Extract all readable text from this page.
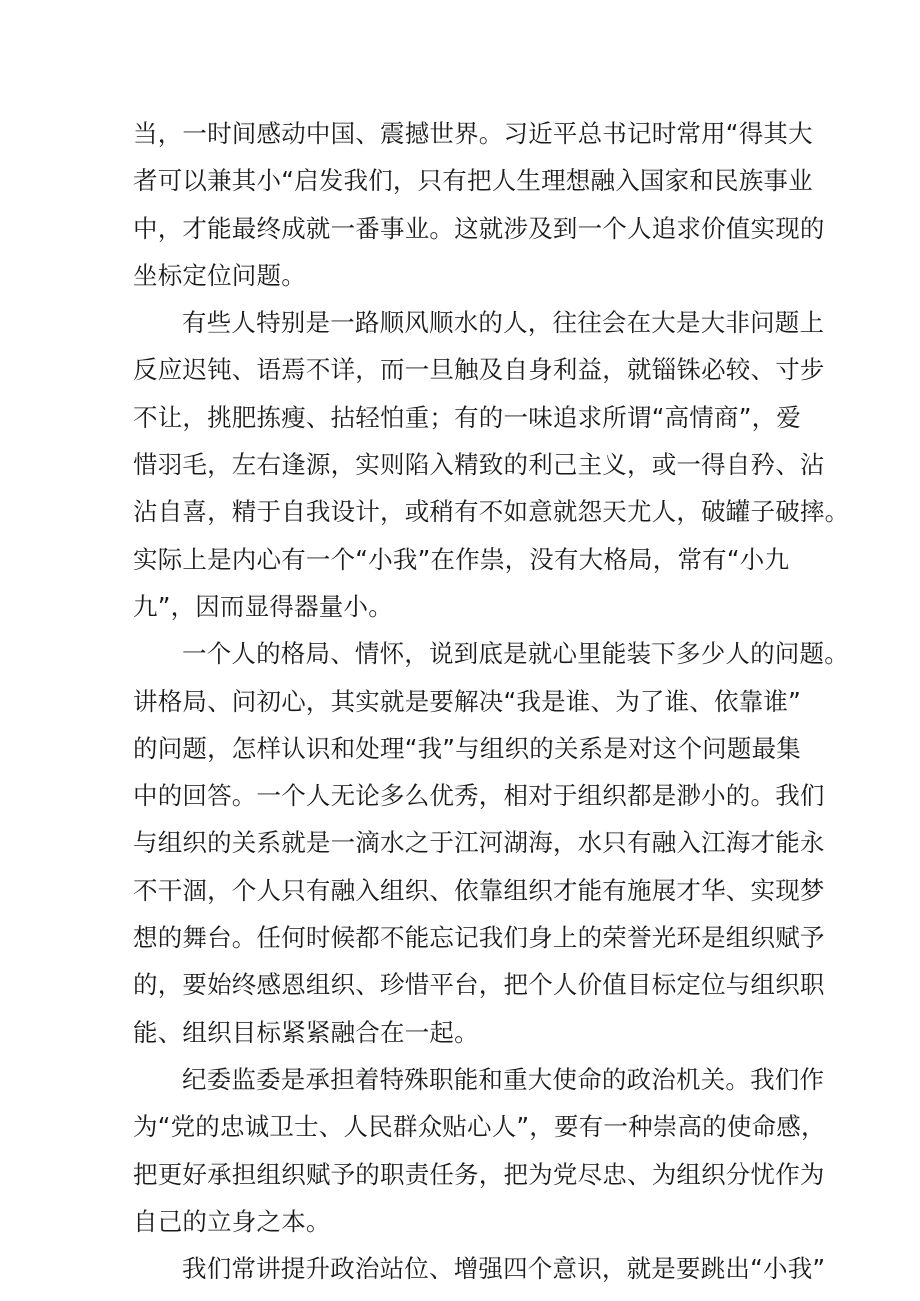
当，一时间感动中国、震撼世界。习近平总书记时常用“得其大
者可以兼其小“启发我们，只有把人生理想融入国家和民族事业
中，才能最终成就一番事业。这就涉及到一个人追求价值实现的
坐标定位问题。
有些人特别是一路顺风顺水的人，往往会在大是大非问题上
反应迟钝、语焉不详，而一旦触及自身利益，就锱铢必较、寸步
不让，挑肥拣瘦、拈轻怕重；有的一味追求所谓“高情商”，爱
惜羽毛，左右逢源，实则陷入精致的利己主义，或一得自矜、沾
沾自喜，精于自我设计，或稍有不如意就怨天尤人，破罐子破摔。
实际上是内心有一个“小我”在作祟，没有大格局，常有“小九
九”，因而显得器量小。
一个人的格局、情怀，说到底是就心里能装下多少人的问题。
讲格局、问初心，其实就是要解决“我是谁、为了谁、依靠谁”
的问题，怎样认识和处理“我”与组织的关系是对这个问题最集
中的回答。一个人无论多么优秀，相对于组织都是渺小的。我们
与组织的关系就是一滴水之于江河湖海，水只有融入江海才能永
不干涸，个人只有融入组织、依靠组织才能有施展才华、实现梦
想的舞台。任何时候都不能忘记我们身上的荣誉光环是组织赋予
的，要始终感恩组织、珍惜平台，把个人价值目标定位与组织职
能、组织目标紧紧融合在一起。
纪委监委是承担着特殊职能和重大使命的政治机关。我们作
为“党的忠诚卫士、人民群众贴心人”，要有一种崇高的使命感，
把更好承担组织赋予的职责任务，把为党尽忠、为组织分忧作为
自己的立身之本。
我们常讲提升政治站位、增强四个意识，就是要跳出“小我”
